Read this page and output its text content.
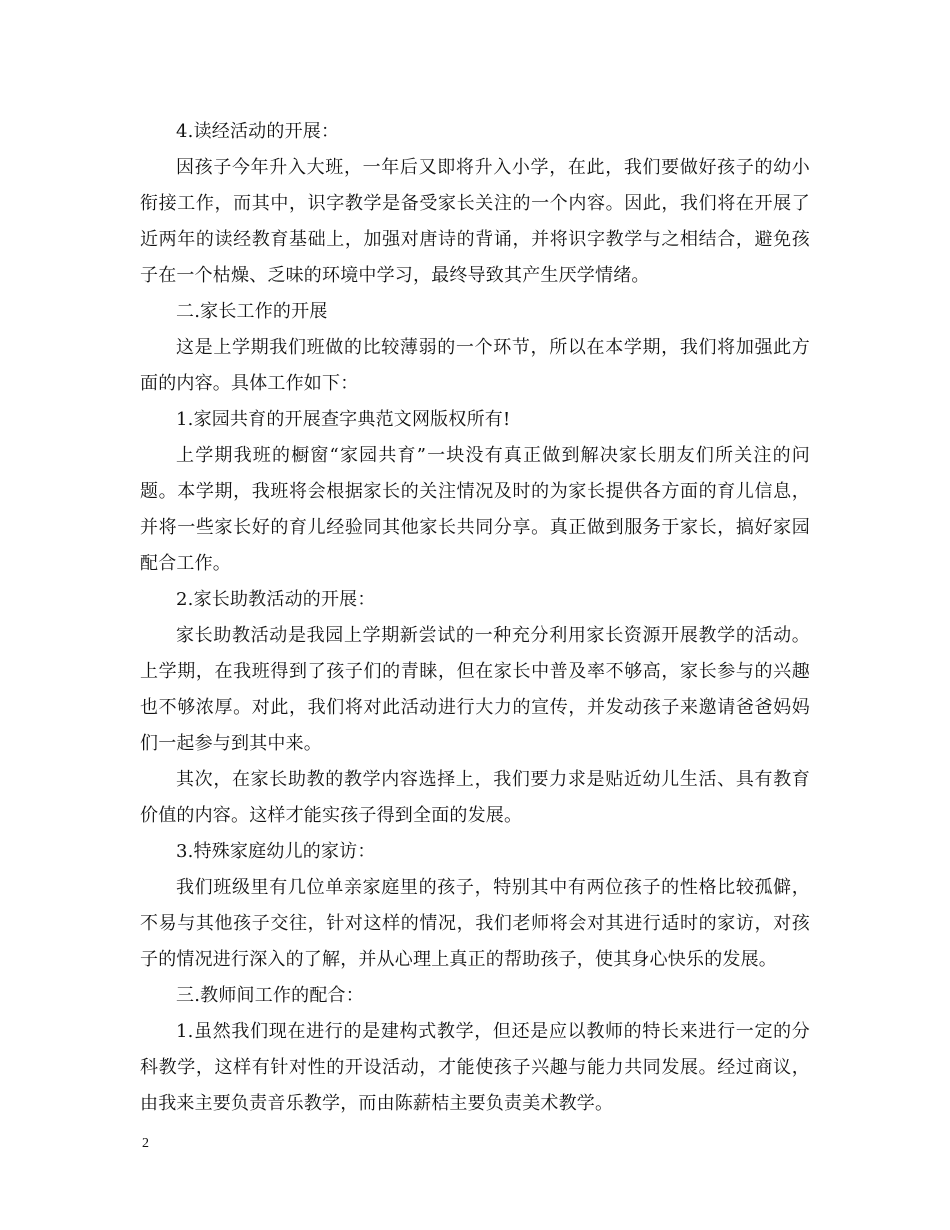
4.读经活动的开展：

因孩子今年升入大班，一年后又即将升入小学，在此，我们要做好孩子的幼小衔接工作，而其中，识字教学是备受家长关注的一个内容。因此，我们将在开展了近两年的读经教育基础上，加强对唐诗的背诵，并将识字教学与之相结合，避免孩子在一个枯燥、乏味的环境中学习，最终导致其产生厌学情绪。

二.家长工作的开展

这是上学期我们班做的比较薄弱的一个环节，所以在本学期，我们将加强此方面的内容。具体工作如下：

1.家园共育的开展查字典范文网版权所有!

上学期我班的橱窗“家园共育”一块没有真正做到解决家长朋友们所关注的问题。本学期，我班将会根据家长的关注情况及时的为家长提供各方面的育儿信息，并将一些家长好的育儿经验同其他家长共同分享。真正做到服务于家长，搞好家园配合工作。

2.家长助教活动的开展：

家长助教活动是我园上学期新尝试的一种充分利用家长资源开展教学的活动。上学期，在我班得到了孩子们的青睐，但在家长中普及率不够高，家长参与的兴趣也不够浓厚。对此，我们将对此活动进行大力的宣传，并发动孩子来邀请爸爸妈妈们一起参与到其中来。

其次，在家长助教的教学内容选择上，我们要力求是贴近幼儿生活、具有教育价值的内容。这样才能实孩子得到全面的发展。

3.特殊家庭幼儿的家访：

我们班级里有几位单亲家庭里的孩子，特别其中有两位孩子的性格比较孤僻，不易与其他孩子交往，针对这样的情况，我们老师将会对其进行适时的家访，对孩子的情况进行深入的了解，并从心理上真正的帮助孩子，使其身心快乐的发展。

三.教师间工作的配合：

1.虽然我们现在进行的是建构式教学，但还是应以教师的特长来进行一定的分科教学，这样有针对性的开设活动，才能使孩子兴趣与能力共同发展。经过商议，由我来主要负责音乐教学，而由陈薪桔主要负责美术教学。

2
